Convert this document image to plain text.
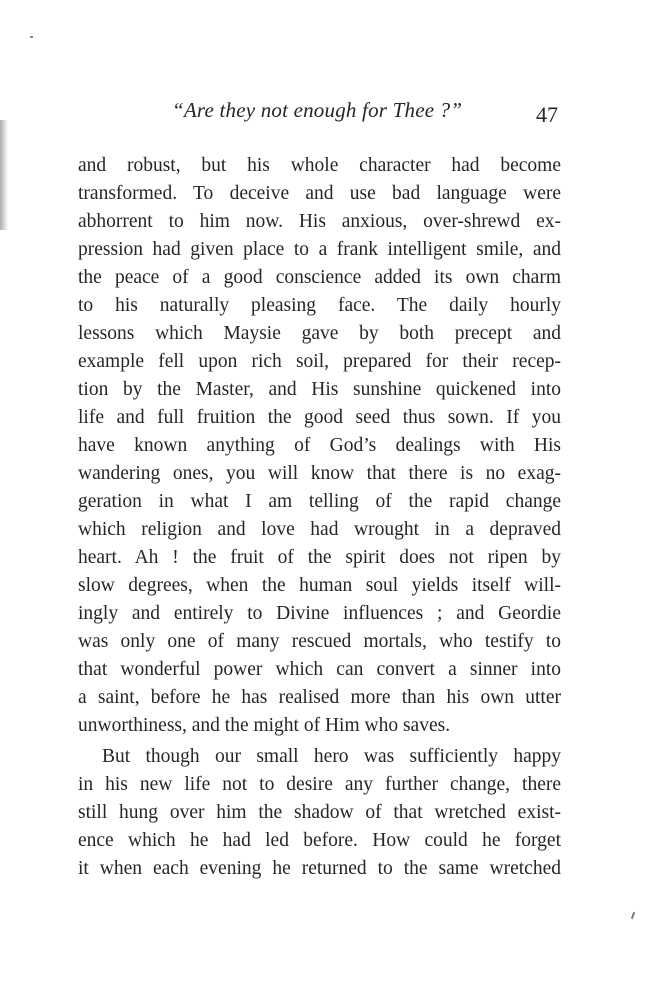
“Are they not enough for Thee ?”	47
and robust, but his whole character had become
transformed. To deceive and use bad language were
abhorrent to him now. His anxious, over-shrewd ex-
pression had given place to a frank intelligent smile, and
the peace of a good conscience added its own charm
to his naturally pleasing face. The daily hourly
lessons which Maysie gave by both precept and
example fell upon rich soil, prepared for their recep-
tion by the Master, and His sunshine quickened into
life and full fruition the good seed thus sown. If you
have known anything of God’s dealings with His
wandering ones, you will know that there is no exag-
geration in what I am telling of the rapid change
which religion and love had wrought in a depraved
heart. Ah ! the fruit of the spirit does not ripen by
slow degrees, when the human soul yields itself will-
ingly and entirely to Divine influences ; and Geordie
was only one of many rescued mortals, who testify to
that wonderful power which can convert a sinner into
a saint, before he has realised more than his own utter
unworthiness, and the might of Him who saves.
But though our small hero was sufficiently happy
in his new life not to desire any further change, there
still hung over him the shadow of that wretched exist-
ence which he had led before. How could he forget
it when each evening he returned to the same wretched
